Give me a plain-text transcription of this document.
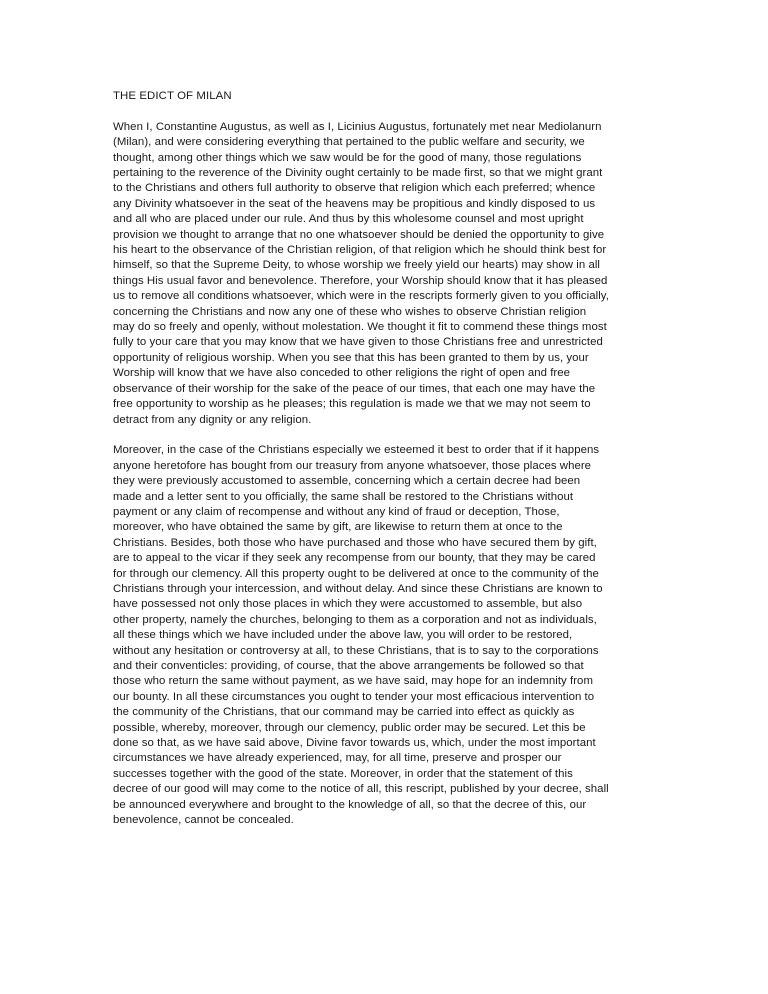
THE EDICT OF MILAN
When I, Constantine Augustus, as well as I, Licinius Augustus, fortunately met near Mediolanurn
(Milan), and were considering everything that pertained to the public welfare and security, we
thought, among other things which we saw would be for the good of many, those regulations
pertaining to the reverence of the Divinity ought certainly to be made first, so that we might grant
to the Christians and others full authority to observe that religion which each preferred; whence
any Divinity whatsoever in the seat of the heavens may be propitious and kindly disposed to us
and all who are placed under our rule. And thus by this wholesome counsel and most upright
provision we thought to arrange that no one whatsoever should be denied the opportunity to give
his heart to the observance of the Christian religion, of that religion which he should think best for
himself, so that the Supreme Deity, to whose worship we freely yield our hearts) may show in all
things His usual favor and benevolence. Therefore, your Worship should know that it has pleased
us to remove all conditions whatsoever, which were in the rescripts formerly given to you officially,
concerning the Christians and now any one of these who wishes to observe Christian religion
may do so freely and openly, without molestation. We thought it fit to commend these things most
fully to your care that you may know that we have given to those Christians free and unrestricted
opportunity of religious worship. When you see that this has been granted to them by us, your
Worship will know that we have also conceded to other religions the right of open and free
observance of their worship for the sake of the peace of our times, that each one may have the
free opportunity to worship as he pleases; this regulation is made we that we may not seem to
detract from any dignity or any religion.
Moreover, in the case of the Christians especially we esteemed it best to order that if it happens
anyone heretofore has bought from our treasury from anyone whatsoever, those places where
they were previously accustomed to assemble, concerning which a certain decree had been
made and a letter sent to you officially, the same shall be restored to the Christians without
payment or any claim of recompense and without any kind of fraud or deception, Those,
moreover, who have obtained the same by gift, are likewise to return them at once to the
Christians. Besides, both those who have purchased and those who have secured them by gift,
are to appeal to the vicar if they seek any recompense from our bounty, that they may be cared
for through our clemency. All this property ought to be delivered at once to the community of the
Christians through your intercession, and without delay. And since these Christians are known to
have possessed not only those places in which they were accustomed to assemble, but also
other property, namely the churches, belonging to them as a corporation and not as individuals,
all these things which we have included under the above law, you will order to be restored,
without any hesitation or controversy at all, to these Christians, that is to say to the corporations
and their conventicles: providing, of course, that the above arrangements be followed so that
those who return the same without payment, as we have said, may hope for an indemnity from
our bounty. In all these circumstances you ought to tender your most efficacious intervention to
the community of the Christians, that our command may be carried into effect as quickly as
possible, whereby, moreover, through our clemency, public order may be secured. Let this be
done so that, as we have said above, Divine favor towards us, which, under the most important
circumstances we have already experienced, may, for all time, preserve and prosper our
successes together with the good of the state. Moreover, in order that the statement of this
decree of our good will may come to the notice of all, this rescript, published by your decree, shall
be announced everywhere and brought to the knowledge of all, so that the decree of this, our
benevolence, cannot be concealed.
